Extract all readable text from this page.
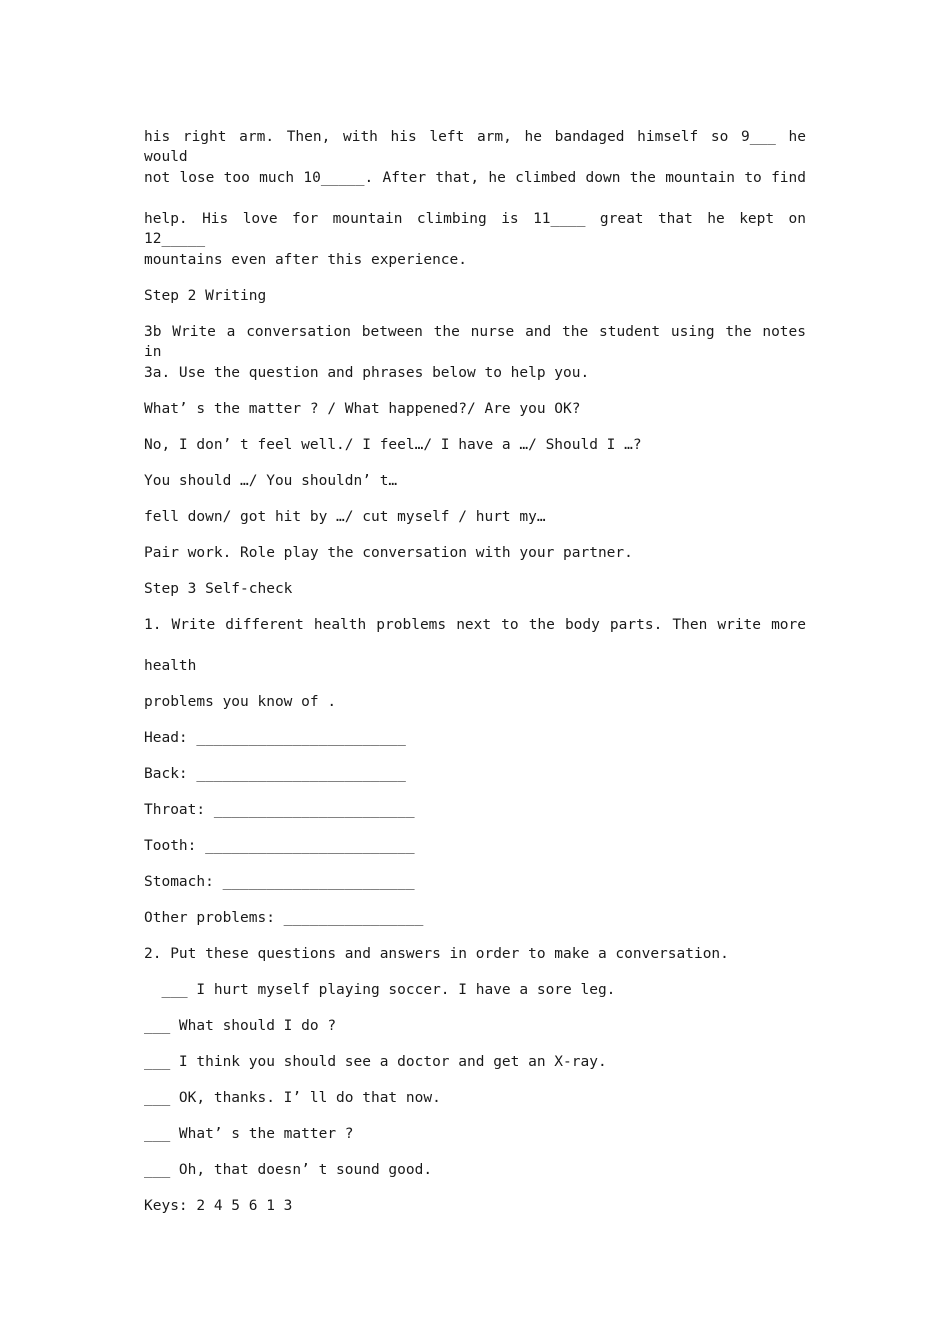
his right arm. Then, with his left arm, he bandaged himself so 9___ he would
not lose too much 10_____. After that, he climbed down the mountain to find
help. His love for mountain climbing is 11____ great that he kept on 12_____
mountains even after this experience.
Step 2 Writing
3b Write a conversation between the nurse and the student using the notes in
3a. Use the question and phrases below to help you.
What’ s the matter ? / What happened?/ Are you OK?
No, I don’ t feel well./ I feel…/ I have a …/ Should I …?
You should …/ You shouldn’ t…
fell down/ got hit by …/ cut myself / hurt my…
Pair work. Role play the conversation with your partner.
Step 3 Self-check
1. Write different health problems next to the body parts. Then write more
health
problems you know of .
Head: ________________________
Back: ________________________
Throat: _______________________
Tooth: ________________________
Stomach: ______________________
Other problems: ________________
2. Put these questions and answers in order to make a conversation.
___ I hurt myself playing soccer. I have a sore leg.
___ What should I do ?
___ I think you should see a doctor and get an X-ray.
___ OK, thanks. I’ ll do that now.
___ What’ s the matter ?
___ Oh, that doesn’ t sound good.
Keys: 2 4 5 6 1 3
